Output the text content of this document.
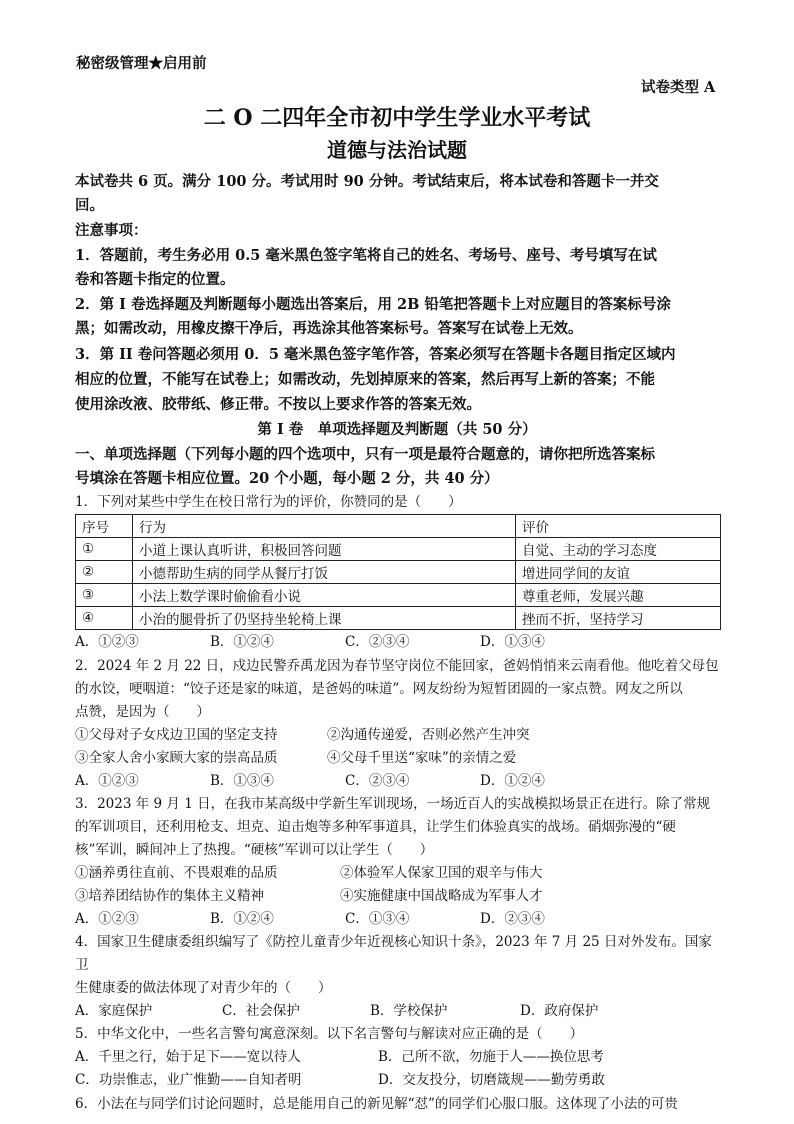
秘密级管理★启用前
试卷类型 A
二 O 二四年全市初中学生学业水平考试
道德与法治试题
本试卷共 6 页。满分 100 分。考试用时 90 分钟。考试结束后，将本试卷和答题卡一并交
回。
注意事项：
1．答题前，考生务必用 0.5 毫米黑色签字笔将自己的姓名、考场号、座号、考号填写在试
卷和答题卡指定的位置。
2．第 I 卷选择题及判断题每小题选出答案后，用 2B 铅笔把答题卡上对应题目的答案标号涂
黑；如需改动，用橡皮擦干净后，再选涂其他答案标号。答案写在试卷上无效。
3．第 II 卷问答题必须用 0．5 毫米黑色签字笔作答，答案必须写在答题卡各题目指定区域内
相应的位置，不能写在试卷上；如需改动，先划掉原来的答案，然后再写上新的答案；不能
使用涂改液、胶带纸、修正带。不按以上要求作答的答案无效。
第 I 卷　单项选择题及判断题（共 50 分）
一、单项选择题（下列每小题的四个选项中，只有一项是最符合题意的，请你把所选答案标
号填涂在答题卡相应位置。20 个小题，每小题 2 分，共 40 分）
1．下列对某些中学生在校日常行为的评价，你赞同的是（　　）
序号	行为	评价
①	小道上课认真听讲，积极回答问题	自觉、主动的学习态度
②	小德帮助生病的同学从餐厅打饭	增进同学间的友谊
③	小法上数学课时偷偷看小说	尊重老师，发展兴趣
④	小治的腿骨折了仍坚持坐轮椅上课	挫而不折，坚持学习
A．①②③	B．①②④	C．②③④	D．①③④
2．2024 年 2 月 22 日，戍边民警乔禹龙因为春节坚守岗位不能回家，爸妈悄悄来云南看他。他吃着父母包
的水饺，哽咽道：“饺子还是家的味道，是爸妈的味道”。网友纷纷为短暂团圆的一家点赞。网友之所以
点赞，是因为（　　）
①父母对子女戍边卫国的坚定支持	②沟通传递爱，否则必然产生冲突
③全家人舍小家顾大家的崇高品质	④父母千里送“家味”的亲情之爱
A．①②③	B．①③④	C．②③④	D．①②④
3．2023 年 9 月 1 日，在我市某高级中学新生军训现场，一场近百人的实战模拟场景正在进行。除了常规
的军训项目，还利用枪支、坦克、迫击炮等多种军事道具，让学生们体验真实的战场。硝烟弥漫的“硬
核”军训，瞬间冲上了热搜。“硬核”军训可以让学生（　　）
①涵养勇往直前、不畏艰难的品质	②体验军人保家卫国的艰辛与伟大
③培养团结协作的集体主义精神	④实施健康中国战略成为军事人才
A．①②③	B．①②④	C．①③④	D．②③④
4．国家卫生健康委组织编写了《防控儿童青少年近视核心知识十条》，2023 年 7 月 25 日对外发布。国家
卫
生健康委的做法体现了对青少年的（　　）
A．家庭保护	C．社会保护	B．学校保护	D．政府保护
5．中华文化中，一些名言警句寓意深刻。以下名言警句与解读对应正确的是（　　）
A．千里之行，始于足下——宽以待人	B．己所不欲，勿施于人——换位思考
C．功崇惟志，业广惟勤——自知者明	D．交友投分，切磨箴规——勤劳勇敢
6．小法在与同学们讨论问题时，总是能用自己的新见解“怼”的同学们心服口服。这体现了小法的可贵
